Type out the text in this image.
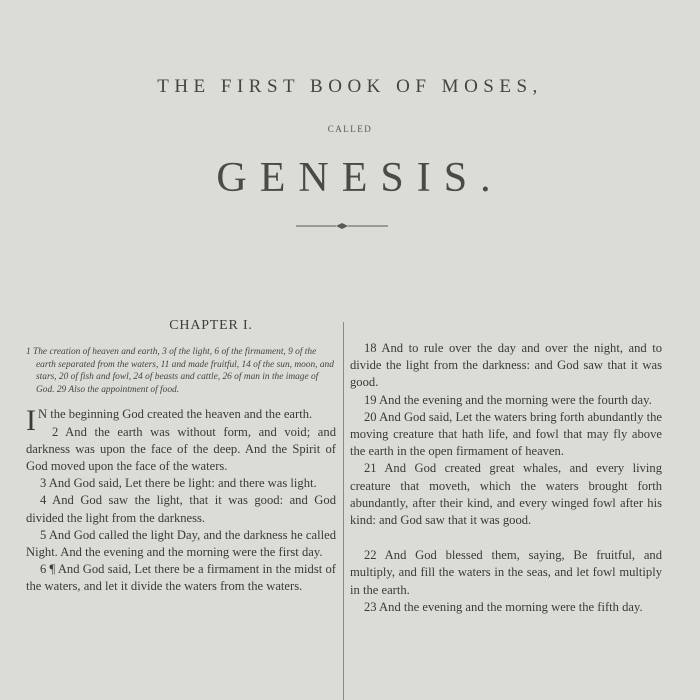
THE FIRST BOOK OF MOSES,
CALLED
GENESIS.
CHAPTER I.
1 The creation of heaven and earth, 3 of the light, 6 of the firmament, 9 of the earth separated from the waters, 11 and made fruitful, 14 of the sun, moon, and stars, 20 of fish and fowl, 24 of beasts and cattle, 26 of man in the image of God. 29 Also the appointment of food.

I N the beginning God created the heaven and the earth.

2 And the earth was without form, and void; and darkness was upon the face of the deep. And the Spirit of God moved upon the face of the waters.

3 And God said, Let there be light: and there was light.

4 And God saw the light, that it was good: and God divided the light from the darkness.

5 And God called the light Day, and the darkness he called Night. And the evening and the morning were the first day.

6 ¶ And God said, Let there be a firmament in the midst of the waters, and let it divide the waters from the waters.

18 And to rule over the day and over the night, and to divide the light from the darkness: and God saw that it was good.

19 And the evening and the morning were the fourth day.

20 And God said, Let the waters bring forth abundantly the moving creature that hath life, and fowl that may fly above the earth in the open firmament of heaven.

21 And God created great whales, and every living creature that moveth, which the waters brought forth abundantly, after their kind, and every winged fowl after his kind: and God saw that it was good.

22 And God blessed them, saying, Be fruitful, and multiply, and fill the waters in the seas, and let fowl multiply in the earth.

23 And the evening and the morning were the fifth day.
